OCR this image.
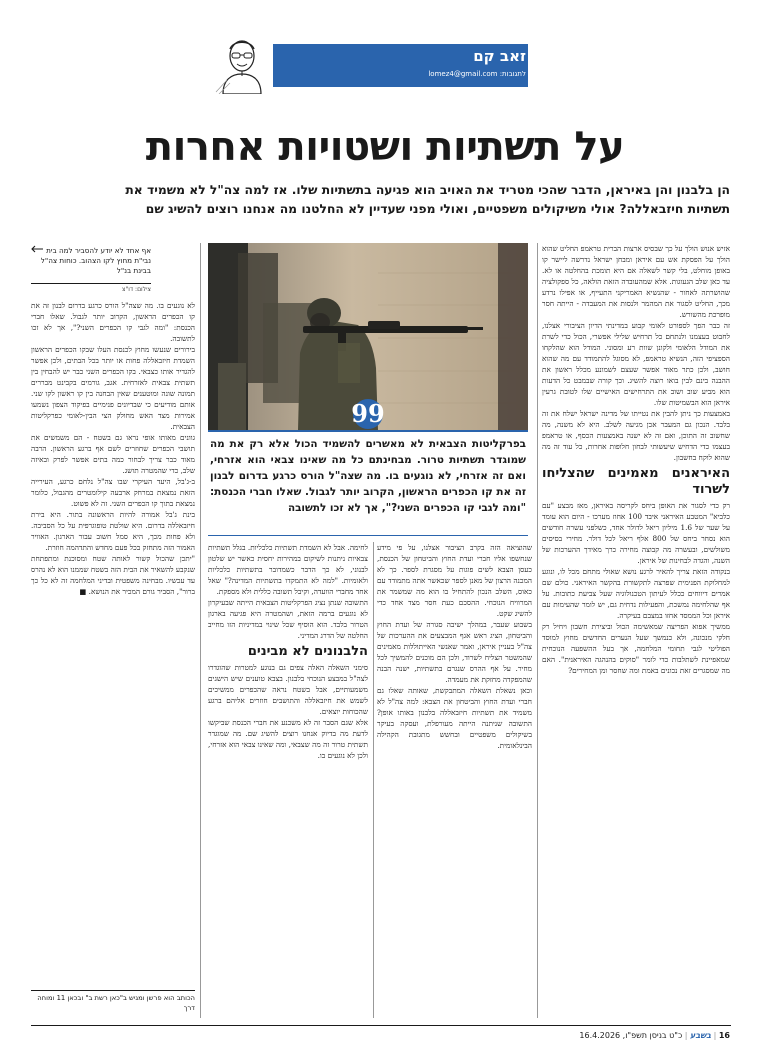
זאב קם
לתגובות: lomez4@gmail.com
על תשתיות ושטויות אחרות
הן בלבנון והן באיראן, הדבר שהכי מטריד את האויב הוא פגיעה בתשתיות שלו. אז למה צה"ל לא משמיד את תשתיות חיזבאללה? אולי משיקולים משפטיים, ואולי מפני שעדיין לא החלטנו מה אנחנו רוצים להשיג שם
אף אחד לא יודע להסביר למה בית נבי"ת מחוץ לקו הצהוב. כוחות צה"ל בבינת בנ"ל
צילום: דו"צ
99
בפרקליטות הצבאית לא מאשרים להשמיד הכול אלא רק את מה שמוגדר תשתיות טרור. מבחינתם כל מה שאינו צבאי הוא אזרחי, ואם זה אזרחי, לא נוגעים בו. מה שצה"ל הורס כרגע בדרום לבנון זה את קו הכפרים הראשון, הקרוב יותר לגבול. שאלו חברי הכנסת: "ומה לגבי קו הכפרים השני?", אך לא זכו לתשובה

אזיש אנוש הולך על כך שבסיס ארצות הברית טראמפ החליט שהוא הולך על הפסקת אש עם איראן ומבחן ישראל נדרשה ליישר קו באופן מוחלט, בלי קשר לשאלה אם היא תומכת בהחלטה או לא. עד כאן שלב הגעוגות. אלא שמהעובדה הזאת הולאה, כל ספקולציה שהושרתה לאחור - שהנשיא האמריקני התעייף, או אפילו נרדע מכך, החליט לסגור את המהמר ולנסות את המעבדה - הייתה חסר מופרכת מהשורש.

זה כבר הפך לספורט לאומי קבוע במדינתי הדיון הציבורי אצלנו, לחבוט בעצמנו ולנתחם כל תרחיש שלילי אפשרי, הכול כדי לשרת את המודל הלאומי ולקונן שוות רע ומסוני. המודל הוא שהלקחו הספציפי הזה, הנשיא טראמפ, לא מסוגל להתמודד עם מה שהוא חושב, ולכן כתר מאוד אפשר שעצם לשמונע מכלל ראשון את ההבנה בינם לבין בואו רוצה להשיג. וכך קורה שבמבט כל הדעות הוא מביע שוב ושוב את התרחישים האישיים שלו לטובת גרעין איראן הוא הבשמיטות שלו.

באמצעות כך ניתן להבין את נטייתו של מדינה ישראל ישלח את זה בלבד. הנכון גם המעבר אכן מגיעה לשלב. היא לא משנה, מה שחשוב זה התוכן, ואם זה לא ישנה באמצעות הכסף, או טראמפ בעצמו כדי הדחיש שיעשותי לבחון חלופות אחרות, כל עוד זה מה שהוא לוקח בחשבון.

האיראנים מאמינים שהצליחו לשרוד

רק כדי לסגור את האופן ביחס לקריסה באיראן, מאז מבצע "עם כלביא" המטבע האיראני איבד 100 אחוז מערכו - היום הוא עומד על שער של 1.6 מיליון ריאל לדולר אחד, כשלפני עשרה חודשים הוא נסחר ביחס של 800 אלף ריאל לכל דולר. מחירי בסיסים משולשים, ובעשרה מה קבוצה מחירה כרך מאידך ההערכות של השנה, והגדה לבחינות של איראן.

בנקודה הזאת צריך להאיר לרגע נושא שאולי מתחם מכל לו, ונוגע למחלוקת הפנימית שפרצה לתקשורת בהקשר האיראני. כולם שם אמרים דיווחים ככלל לעיתון הטכנולוגיה שעל צביעת כתובות. על אף שהלחימה נמשכת, והפעילות נדחית גם, יש לומר שהעימות עם איראן וכל הממסד אחזו במצבם בעיקרה.

ממשיך אפוא הפריצה שמאשימה הכול וביצירת חשבון ויחיל רק חלקי מנכונה, ולא כנמשך שעל הנערים החדשים מחוץ למוסד הפוליטי לגבי תחומי המלחמה, אך בעל ההשפעה הנוכחית שמאפיינת לשתלבות כדי לומר "סוקים בהנהגה האיראנית". האם מה שמסגרים זאת נכונים באמת ומה שחסר ומן המחירים?

שהוציאה הזה בקרב הציבור אצלנו, על פי מידע שנחשפו אליו חברי ועדת החוץ והביטחון של הכנסת, כעסן הצבא לשים פוגות על מסגרת לספר. כך לא המכנה הרצון של מאנן לספר שכאשר אתה מתמודד עם כאוס, השלב הנכון להתחיל בו הוא מה שמשמר את המרוויח הנוכחי. ההסכם כעת חסר מצד אחד כדי להשיג שקט.

בשבוע שעבר, במהלך ישיבה סגורה של ועדת החוץ והביטחון, הציג ראש אגף המבצעים את ההערכות של צה"ל בעניין איראן, ואמר שאנשי האייתוללות מאמינים שהמשטר הצליח לשרוד, ולכן הם מוכנים להמשיך לכל מחיר. על אף ההרס שנגרם בתשתיות, ישנה הבנה שהמפקדה מחזקת את מעמדה.

וכאן נשאלת השאלה המתבקשת, שאותה שאלו גם חברי ועדת החוץ והביטחון את הצבא: למה צה"ל לא משמיד את תשתיות חיזבאללה בלבנון באותו אופן? התשובה שניתנה הייתה מעורפלת, ועסקה בעיקר בשיקולים משפטיים ובחשש מתגובת הקהילה הבינלאומית.

לחימה. אבל לא השמדת תשתיות כלכליות. בגלל תשתיות צבאיות ניתנות לשיקום במהירות יחסית כאשר יש שלטון לבנוני, לא כך הדבר כשמדובר בתשתיות כלכליות ולאומיות. "למה לא התמקדו בתשתיות המדינה?" שאל אחד מחברי הוועדה, וקיבל תשובה כללית ולא מספקת.

התשובה שנתן נציג הפרקליטות הצבאית הייתה שבעיקרון לא נוגעים ברמה הזאת, ושהמטרה היא פגיעה בארגון הטרור בלבד. הוא הוסיף שכל שינוי במדיניות הזו מחייב החלטה של הדרג המדיני.

הלבנונים לא מבינים

סימני השאלה האלה צפים גם בנוגע למטרות שהוגדרו לצה"ל במבצע הנוכחי בלבנון. בצבא טוענים שיש הישגים משמעותיים, אבל בשטח נראה שהכפרים ממשיכים לשמש את חיזבאללה והתושבים חוזרים אליהם ברגע שהכוחות יוצאים.

אלא שגם הסבר זה לא משכנע את חברי הכנסת שביקשו לדעת מה בדיוק אנחנו רוצים להשיג שם. מה שמוגדר תשתית טרור זה מה שצבאי, ומה שאינו צבאי הוא אזרחי, ולכן לא נוגעים בו.

לא נוגעים בו. מה שצה"ל הורס כרגע בדרום לבנון זה את קו הכפרים הראשון, הקרוב יותר לגבול. שאלו חברי הכנסת: "ומה לגבי קו הכפרים השני?", אך לא זכו לתשובה.

בירורים שנעשו מחוץ לכנסת העלו שבקו הכפרים הראשון השמדת חיזבאללה פחות או יותר בכל הבתים, ולכן אפשר להגדיר אותו כצבאי. בקו הכפרים השני כבר יש להבחין בין תשתית צבאית לאזרחית. אגב, גורמים בקבינט מבררים תמונה שונה ומוטענים שאין הבחנה בין קו ראשון לקו שני. אותם מודיעים כי שבדיונים פנימיים בפיקוד הצפון נשמעו אמירות מצד האש מחולק הצי הבין-לאומי כפרקליטות הצבאית.

גוונים מאותו אופי נראו גם בשטח - הם משמשים את תושבי הכפרים שחוזרים לשם אף ברגע הראשון. הרבה מאוד כבר צריך לבחור כמה בתים אפשר לפרק ובאיזה שלב, כדי שהמטרה תושג.

ב-ג'בל, היעד העיקרי שבו צה"ל נלחם כרגע, העירייה הזאת נמצאת במרחק ארבעה קילומטרים מהגבול, כלומר נמצאת בתוך קו הכפרים השני. זה לא פשוט.

בינת ג'בל אמורה להיות הראשונה בתור. היא בירת חיזבאללה בדרום. היא שולטת טופוגרפית על כל הסביבה. ולא פחות מכך, היא סמל חשוב עבור הארגון. האוויר האמור הזה מתחזק בכל פעם מחדש והתדהמה חוזרת.

"יתכן שהכול קשור לאותה שטח ומסוכנת ומתפתחת שנקבע להשאיר את הבית הזה בשטח שממנו הוא לא נהרס עד עכשיו. מבחינה משפטית ובדיני המלחמה זה לא כל כך ברור", הסביר גורם המכיר את הנושא. ■

הכותב הוא פרשן ומגיש ב"כאן רשת ב" ובכאן 11 ומוחה דרך
16 | בשבע | כ"ט בניסן תשפ"ו, 16.4.2026
